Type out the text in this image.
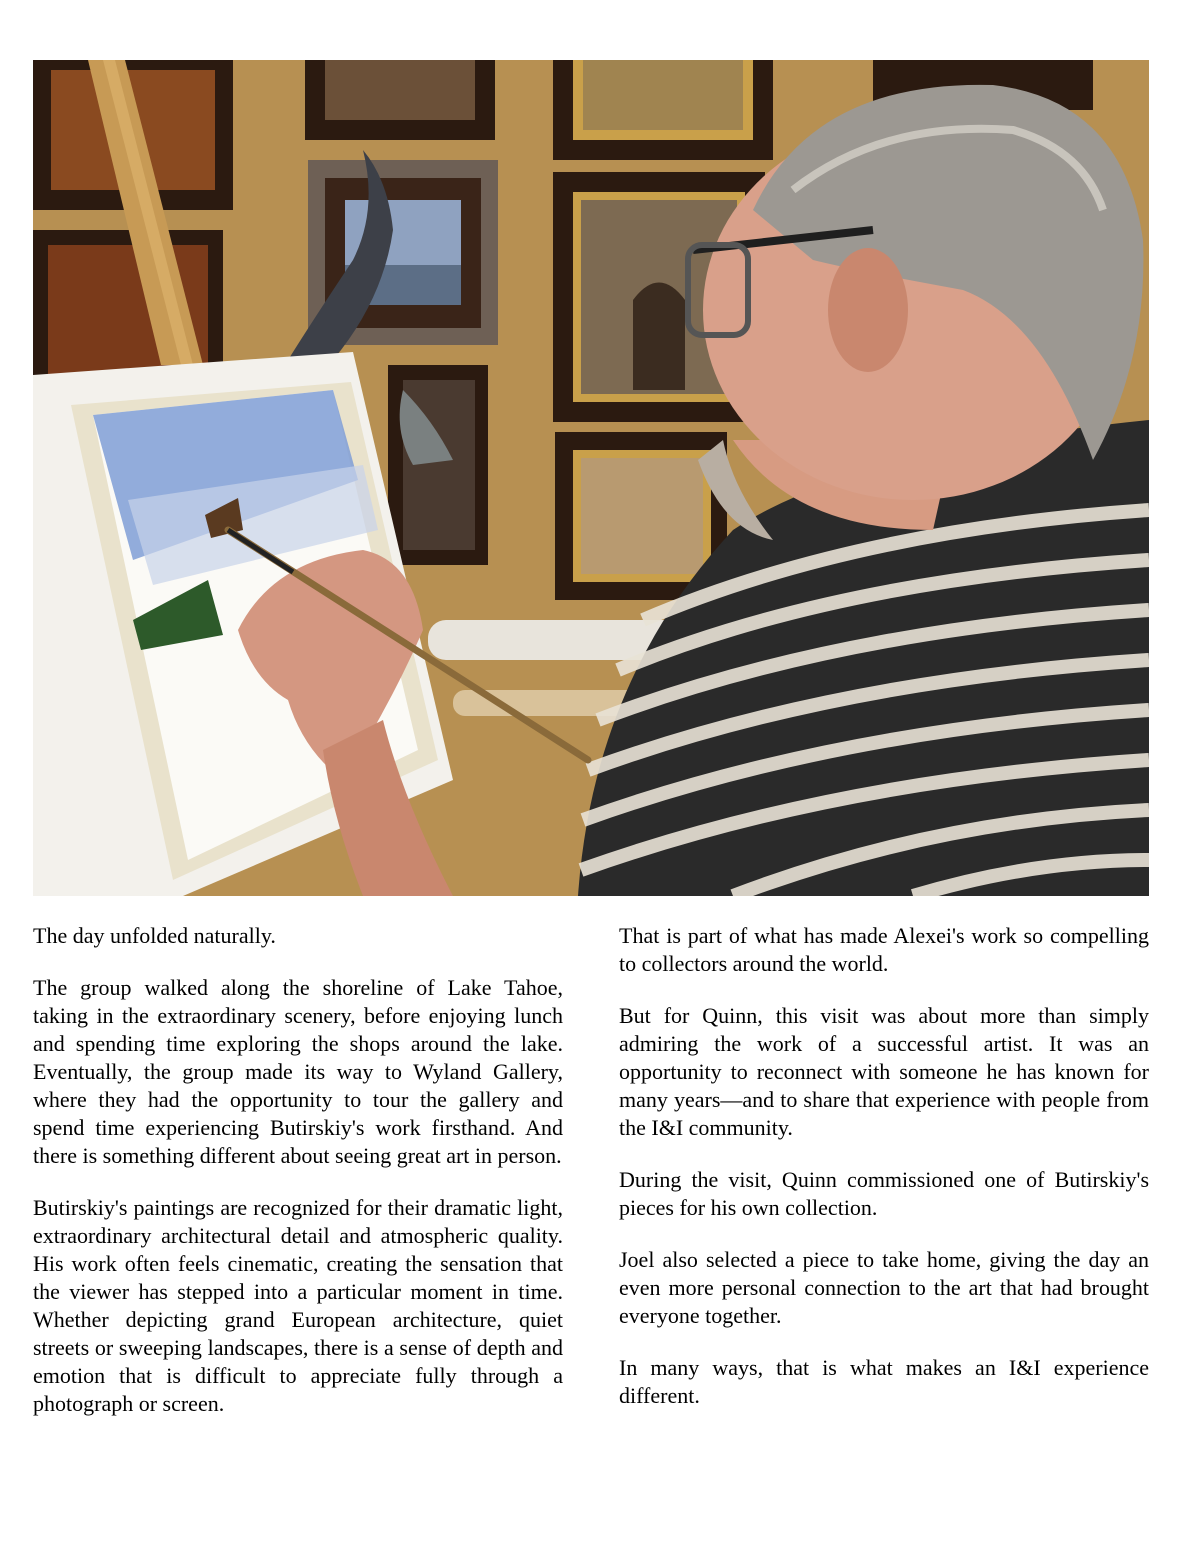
The day unfolded naturally.

The group walked along the shoreline of Lake Tahoe, taking in the extraordinary scenery, before enjoying lunch and spending time exploring the shops around the lake. Eventually, the group made its way to Wyland Gallery, where they had the opportunity to tour the gallery and spend time experiencing Butirskiy's work firsthand. And there is something different about seeing great art in person.

Butirskiy's paintings are recognized for their dramatic light, extraordinary architectural detail and atmospheric quality. His work often feels cinematic, creating the sensation that the viewer has stepped into a particular moment in time. Whether depicting grand European architecture, quiet streets or sweeping landscapes, there is a sense of depth and emotion that is difficult to appreciate fully through a photograph or screen.

That is part of what has made Alexei's work so compelling to collectors around the world.

But for Quinn, this visit was about more than simply admiring the work of a successful artist. It was an opportunity to reconnect with someone he has known for many years—and to share that experience with people from the I&I community.

During the visit, Quinn commissioned one of Butirskiy's pieces for his own collection.

Joel also selected a piece to take home, giving the day an even more personal connection to the art that had brought everyone together.

In many ways, that is what makes an I&I experience different.
